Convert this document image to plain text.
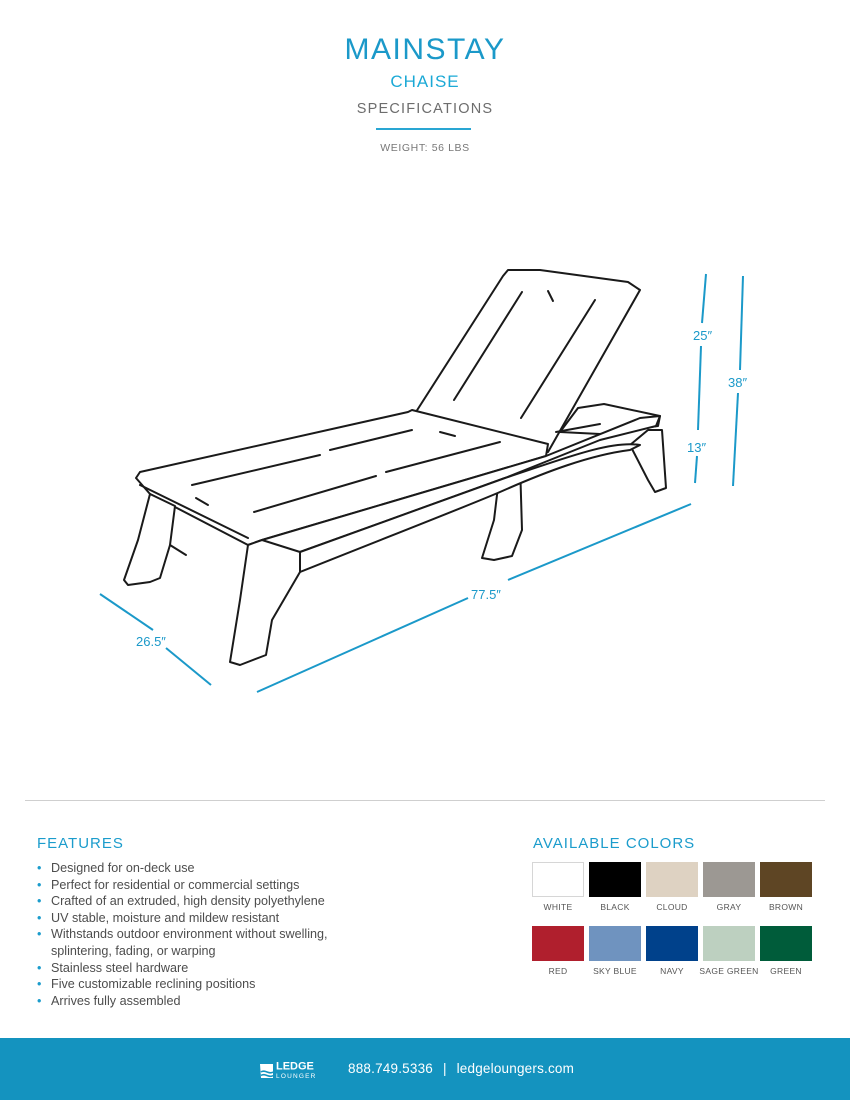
MAINSTAY
CHAISE
SPECIFICATIONS
WEIGHT: 56 LBS
25″
38″
13″
77.5″
26.5″
FEATURES
• Designed for on-deck use
• Perfect for residential or commercial settings
• Crafted of an extruded, high density polyethylene
• UV stable, moisture and mildew resistant
• Withstands outdoor environment without swelling, splintering, fading, or warping
• Stainless steel hardware
• Five customizable reclining positions
• Arrives fully assembled
AVAILABLE COLORS
WHITE	BLACK	CLOUD	GRAY	BROWN
RED	SKY BLUE	NAVY	SAGE GREEN	GREEN
LEDGE
LOUNGER
888.749.5336 | ledgeloungers.com
